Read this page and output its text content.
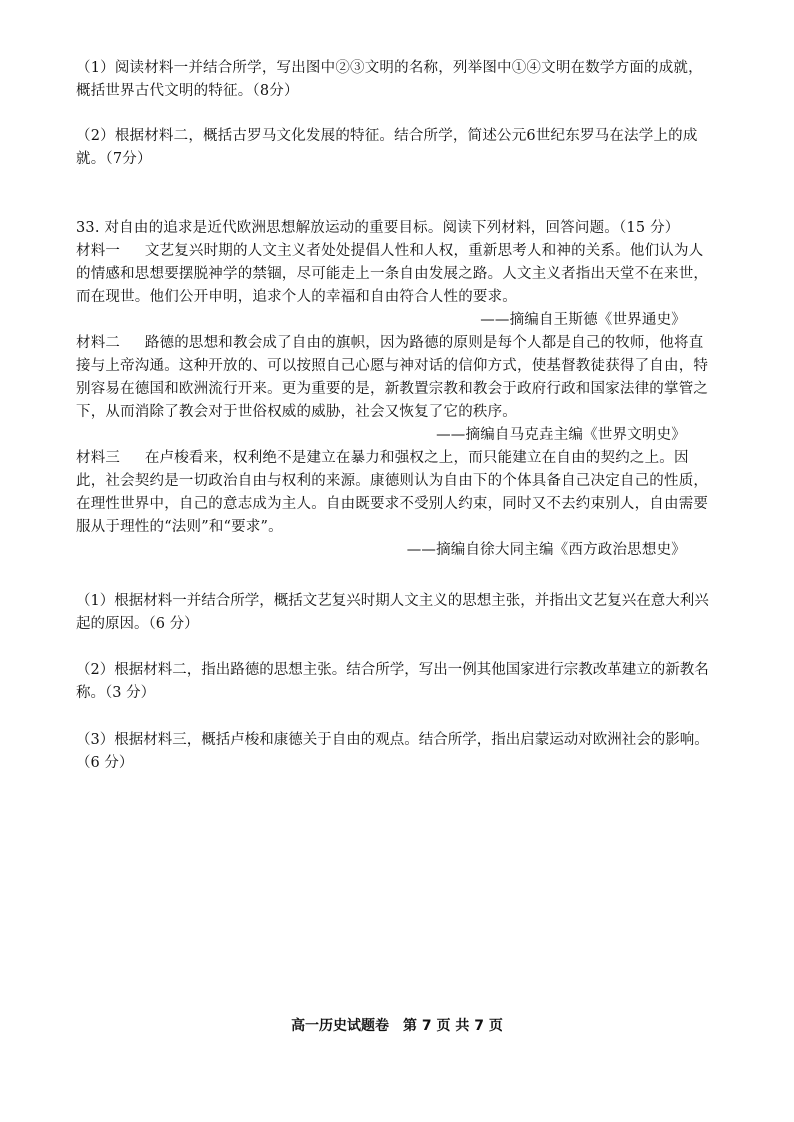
（1）阅读材料一并结合所学，写出图中②③文明的名称，列举图中①④文明在数学方面的成就，概括世界古代文明的特征。（8分）

（2）根据材料二，概括古罗马文化发展的特征。结合所学，简述公元6世纪东罗马在法学上的成就。（7分）

33. 对自由的追求是近代欧洲思想解放运动的重要目标。阅读下列材料，回答问题。（15 分）

材料一 文艺复兴时期的人文主义者处处提倡人性和人权，重新思考人和神的关系。他们认为人的情感和思想要摆脱神学的禁锢，尽可能走上一条自由发展之路。人文主义者指出天堂不在来世，而在现世。他们公开申明，追求个人的幸福和自由符合人性的要求。

——摘编自王斯德《世界通史》

材料二 路德的思想和教会成了自由的旗帜，因为路德的原则是每个人都是自己的牧师，他将直接与上帝沟通。这种开放的、可以按照自己心愿与神对话的信仰方式，使基督教徒获得了自由，特别容易在德国和欧洲流行开来。更为重要的是，新教置宗教和教会于政府行政和国家法律的掌管之下，从而消除了教会对于世俗权威的威胁，社会又恢复了它的秩序。

——摘编自马克垚主编《世界文明史》

材料三 在卢梭看来，权利绝不是建立在暴力和强权之上，而只能建立在自由的契约之上。因此，社会契约是一切政治自由与权利的来源。康德则认为自由下的个体具备自己决定自己的性质，在理性世界中，自己的意志成为主人。自由既要求不受别人约束，同时又不去约束别人，自由需要服从于理性的“法则”和“要求”。

——摘编自徐大同主编《西方政治思想史》
（1）根据材料一并结合所学，概括文艺复兴时期人文主义的思想主张，并指出文艺复兴在意大利兴起的原因。（6 分）
（2）根据材料二，指出路德的思想主张。结合所学，写出一例其他国家进行宗教改革建立的新教名称。（3 分）
（3）根据材料三，概括卢梭和康德关于自由的观点。结合所学，指出启蒙运动对欧洲社会的影响。（6 分）
高一历史试题卷　第 7 页 共 7 页
